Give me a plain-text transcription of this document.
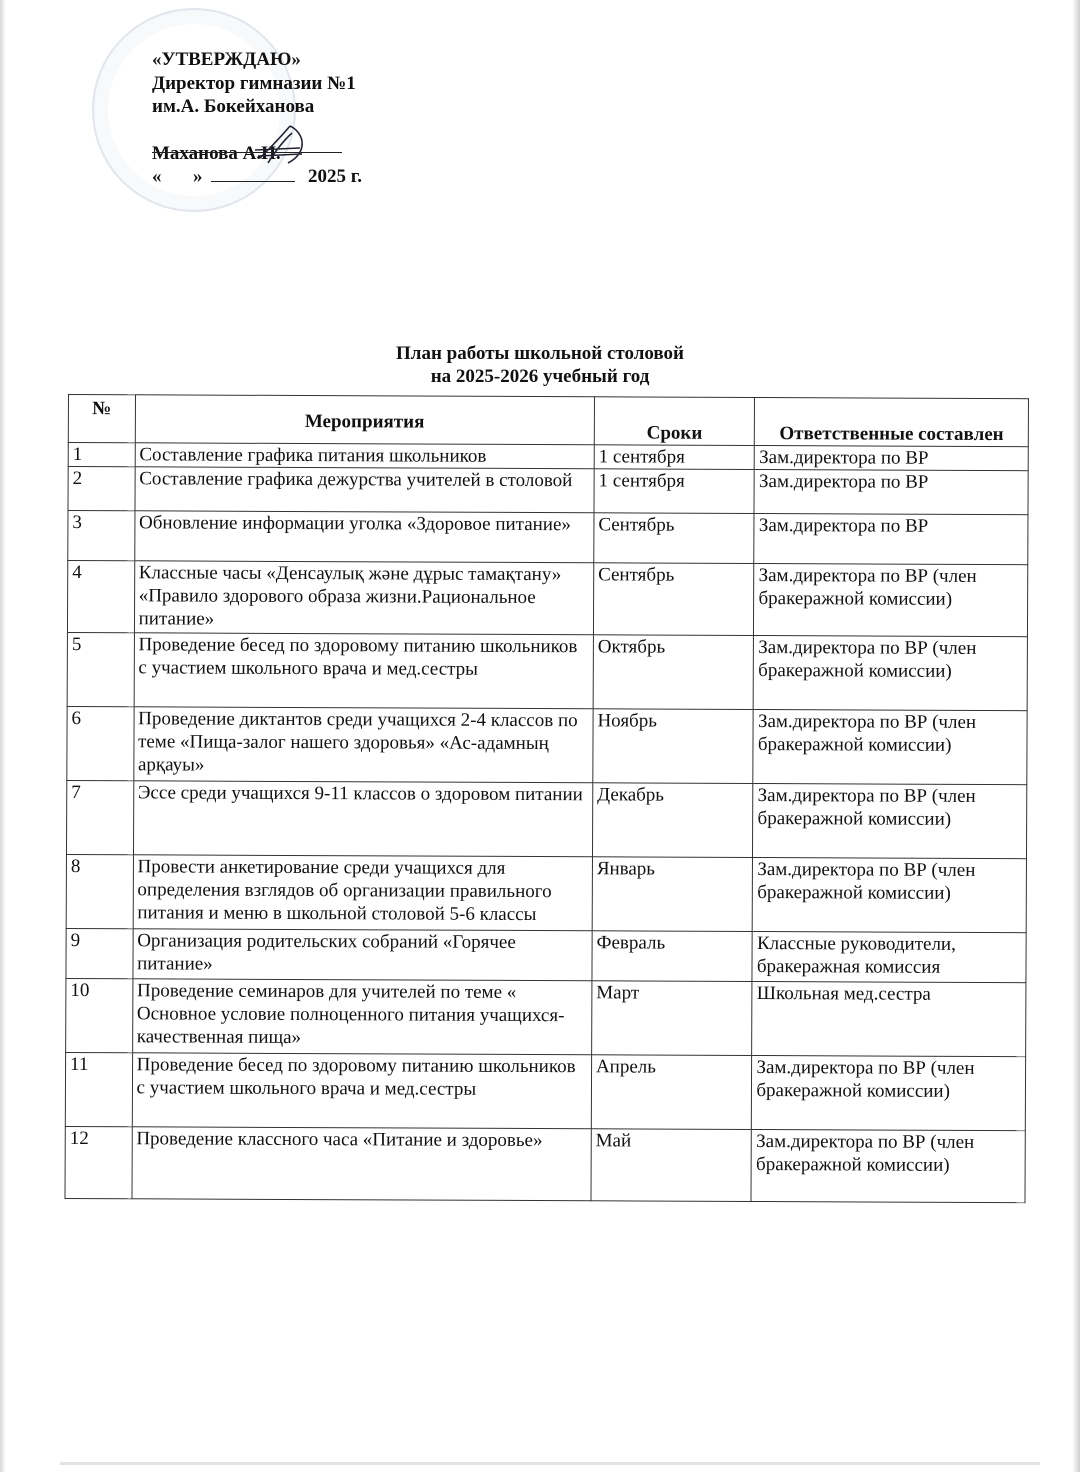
«УТВЕРЖДАЮ»
Директор гимназии №1
им.А. Бокейханова
Маханова А.Н.
« »	2025 г.
План работы школьной столовой
на 2025-2026 учебный год
№	Мероприятия	Сроки	Ответственные составлен
1	Составление графика питания школьников	1 сентября	Зам.директора по ВР
2	Составление графика дежурства учителей в столовой	1 сентября	Зам.директора по ВР
3	Обновление информации уголка «Здоровое питание»	Сентябрь	Зам.директора по ВР
4	Классные часы «Денсаулық және дұрыс тамақтану» «Правило здорового образа жизни.Рациональное питание»	Сентябрь	Зам.директора по ВР (член бракеражной комиссии)
5	Проведение бесед по здоровому питанию школьников с участием школьного врача и мед.сестры	Октябрь	Зам.директора по ВР (член бракеражной комиссии)
6	Проведение диктантов среди учащихся 2-4 классов по теме «Пища-залог нашего здоровья» «Ас-адамның арқауы»	Ноябрь	Зам.директора по ВР (член бракеражной комиссии)
7	Эссе среди учащихся 9-11 классов о здоровом питании	Декабрь	Зам.директора по ВР (член бракеражной комиссии)
8	Провести анкетирование среди учащихся для определения взглядов об организации правильного питания и меню в школьной столовой 5-6 классы	Январь	Зам.директора по ВР (член бракеражной комиссии)
9	Организация родительских собраний «Горячее питание»	Февраль	Классные руководители, бракеражная комиссия
10	Проведение семинаров для учителей по теме « Основное условие полноценного питания учащихся-качественная пища»	Март	Школьная мед.сестра
11	Проведение бесед по здоровому питанию школьников с участием школьного врача и мед.сестры	Апрель	Зам.директора по ВР (член бракеражной комиссии)
12	Проведение классного часа «Питание и здоровье»	Май	Зам.директора по ВР (член бракеражной комиссии)
